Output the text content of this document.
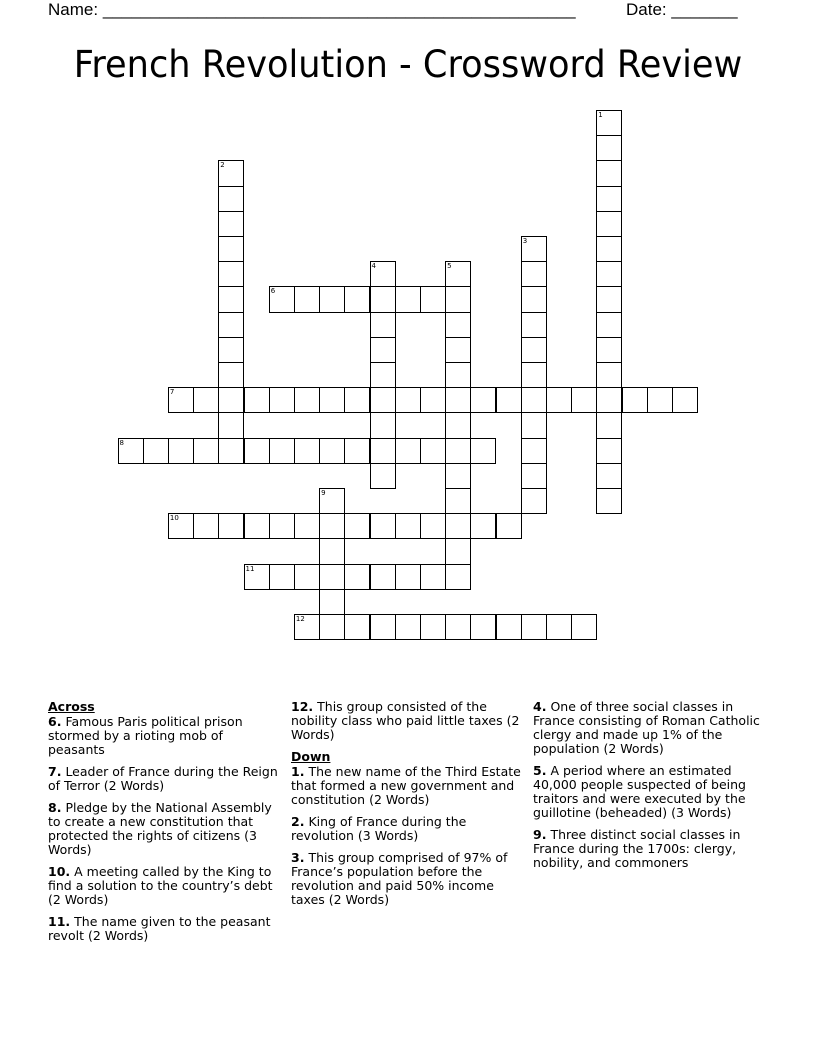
Name: __________________________________________________	Date: _______
French Revolution - Crossword Review
1
2
3
4	5
6
7
8
9
10
11
12
Across
6. Famous Paris political prison stormed by a rioting mob of peasants
7. Leader of France during the Reign of Terror (2 Words)
8. Pledge by the National Assembly to create a new constitution that protected the rights of citizens (3 Words)
10. A meeting called by the King to find a solution to the country’s debt (2 Words)
11. The name given to the peasant revolt (2 Words)
12. This group consisted of the nobility class who paid little taxes (2 Words)
Down
1. The new name of the Third Estate that formed a new government and constitution (2 Words)
2. King of France during the revolution (3 Words)
3. This group comprised of 97% of France’s population before the revolution and paid 50% income taxes (2 Words)
4. One of three social classes in France consisting of Roman Catholic clergy and made up 1% of the population (2 Words)
5. A period where an estimated 40,000 people suspected of being traitors and were executed by the guillotine (beheaded) (3 Words)
9. Three distinct social classes in France during the 1700s: clergy, nobility, and commoners
